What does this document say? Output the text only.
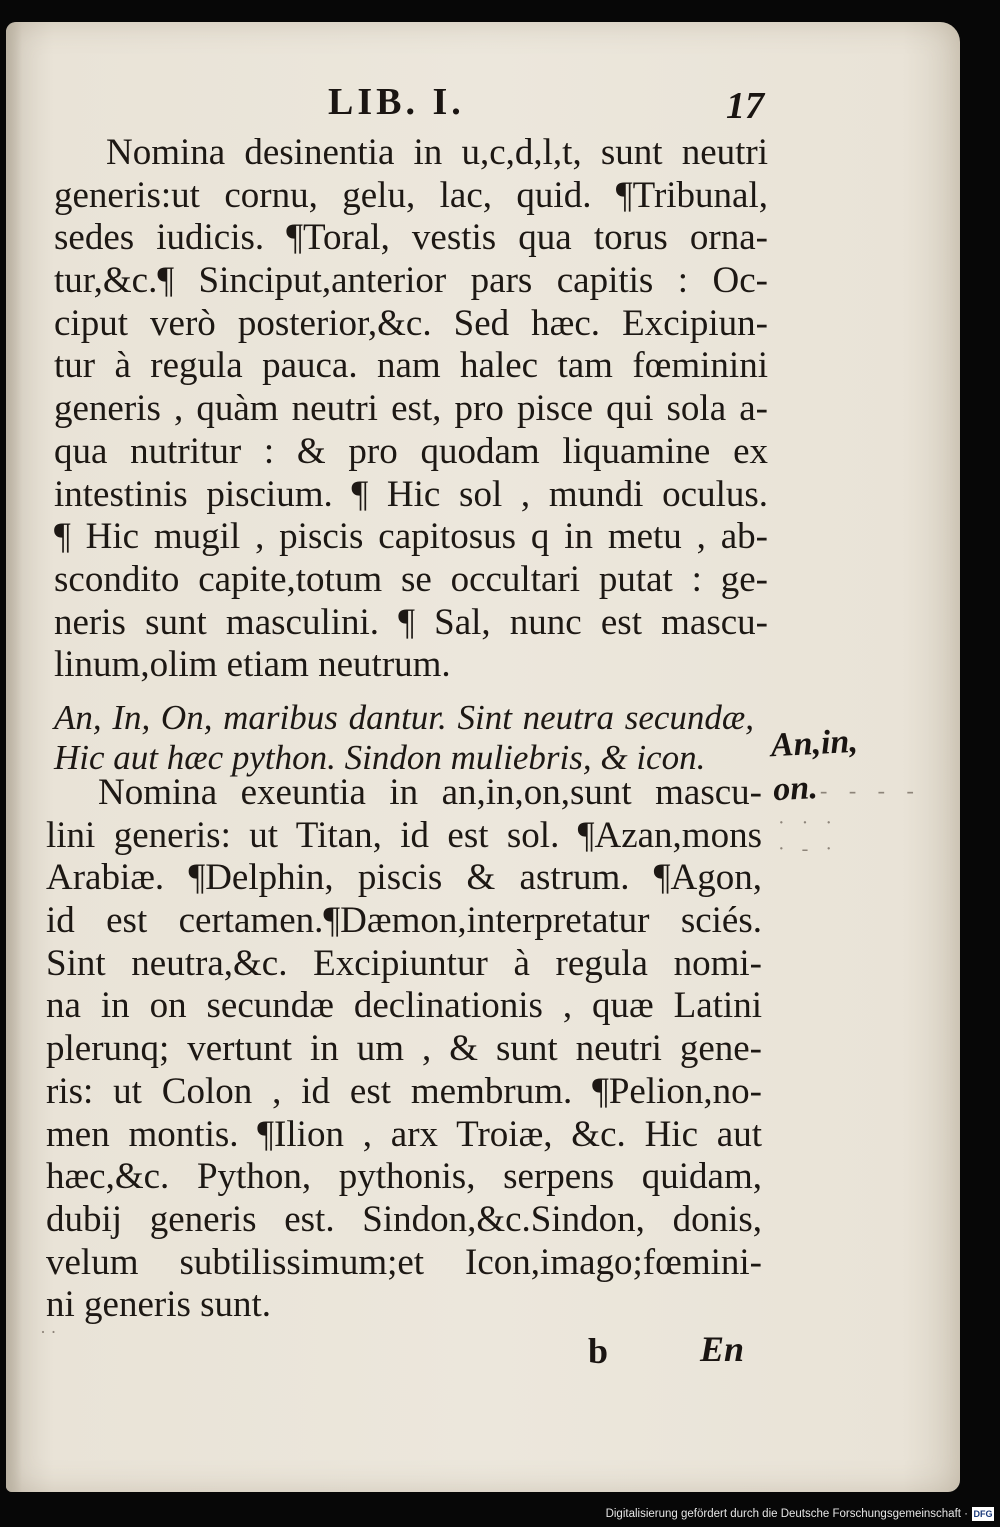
LIB. I.	17
Nomina desinentia in u,c,d,l,t, sunt neutri
generis:ut cornu, gelu, lac, quid. ¶Tribunal,
sedes iudicis. ¶Toral, vestis qua torus orna-
tur,&c.¶ Sinciput,anterior pars capitis : Oc-
ciput verò posterior,&c. Sed hæc. Excipiun-
tur à regula pauca. nam halec tam fœminini
generis , quàm neutri est, pro pisce qui sola a-
qua nutritur : & pro quodam liquamine ex
intestinis piscium. ¶ Hic sol , mundi oculus.
¶ Hic mugil , piscis capitosus q in metu , ab-
scondito capite,totum se occultari putat : ge-
neris sunt masculini. ¶ Sal, nunc est mascu-
linum,olim etiam neutrum.
An, In, On, maribus dantur. Sint neutra secundæ,
Hic aut hæc python. Sindon muliebris, & icon.
Nomina exeuntia in an,in,on,sunt mascu-
lini generis: ut Titan, id est sol. ¶Azan,mons
Arabiæ. ¶Delphin, piscis & astrum. ¶Agon,
id est certamen.¶Dæmon,interpretatur sciés.
Sint neutra,&c. Excipiuntur à regula nomi-
na in on secundæ declinationis , quæ Latini
plerunq; vertunt in um , & sunt neutri gene-
ris: ut Colon , id est membrum. ¶Pelion,no-
men montis. ¶Ilion , arx Troiæ, &c. Hic aut
hæc,&c. Python, pythonis, serpens quidam,
dubij generis est. Sindon,&c.Sindon, donis,
velum subtilissimum;et Icon,imago;fœmini-
ni generis sunt.
An,in,
on. - - - -
· · ·
· - ·
· ·	b	En
Digitalisierung gefördert durch die Deutsche Forschungsgemeinschaft · DFG
